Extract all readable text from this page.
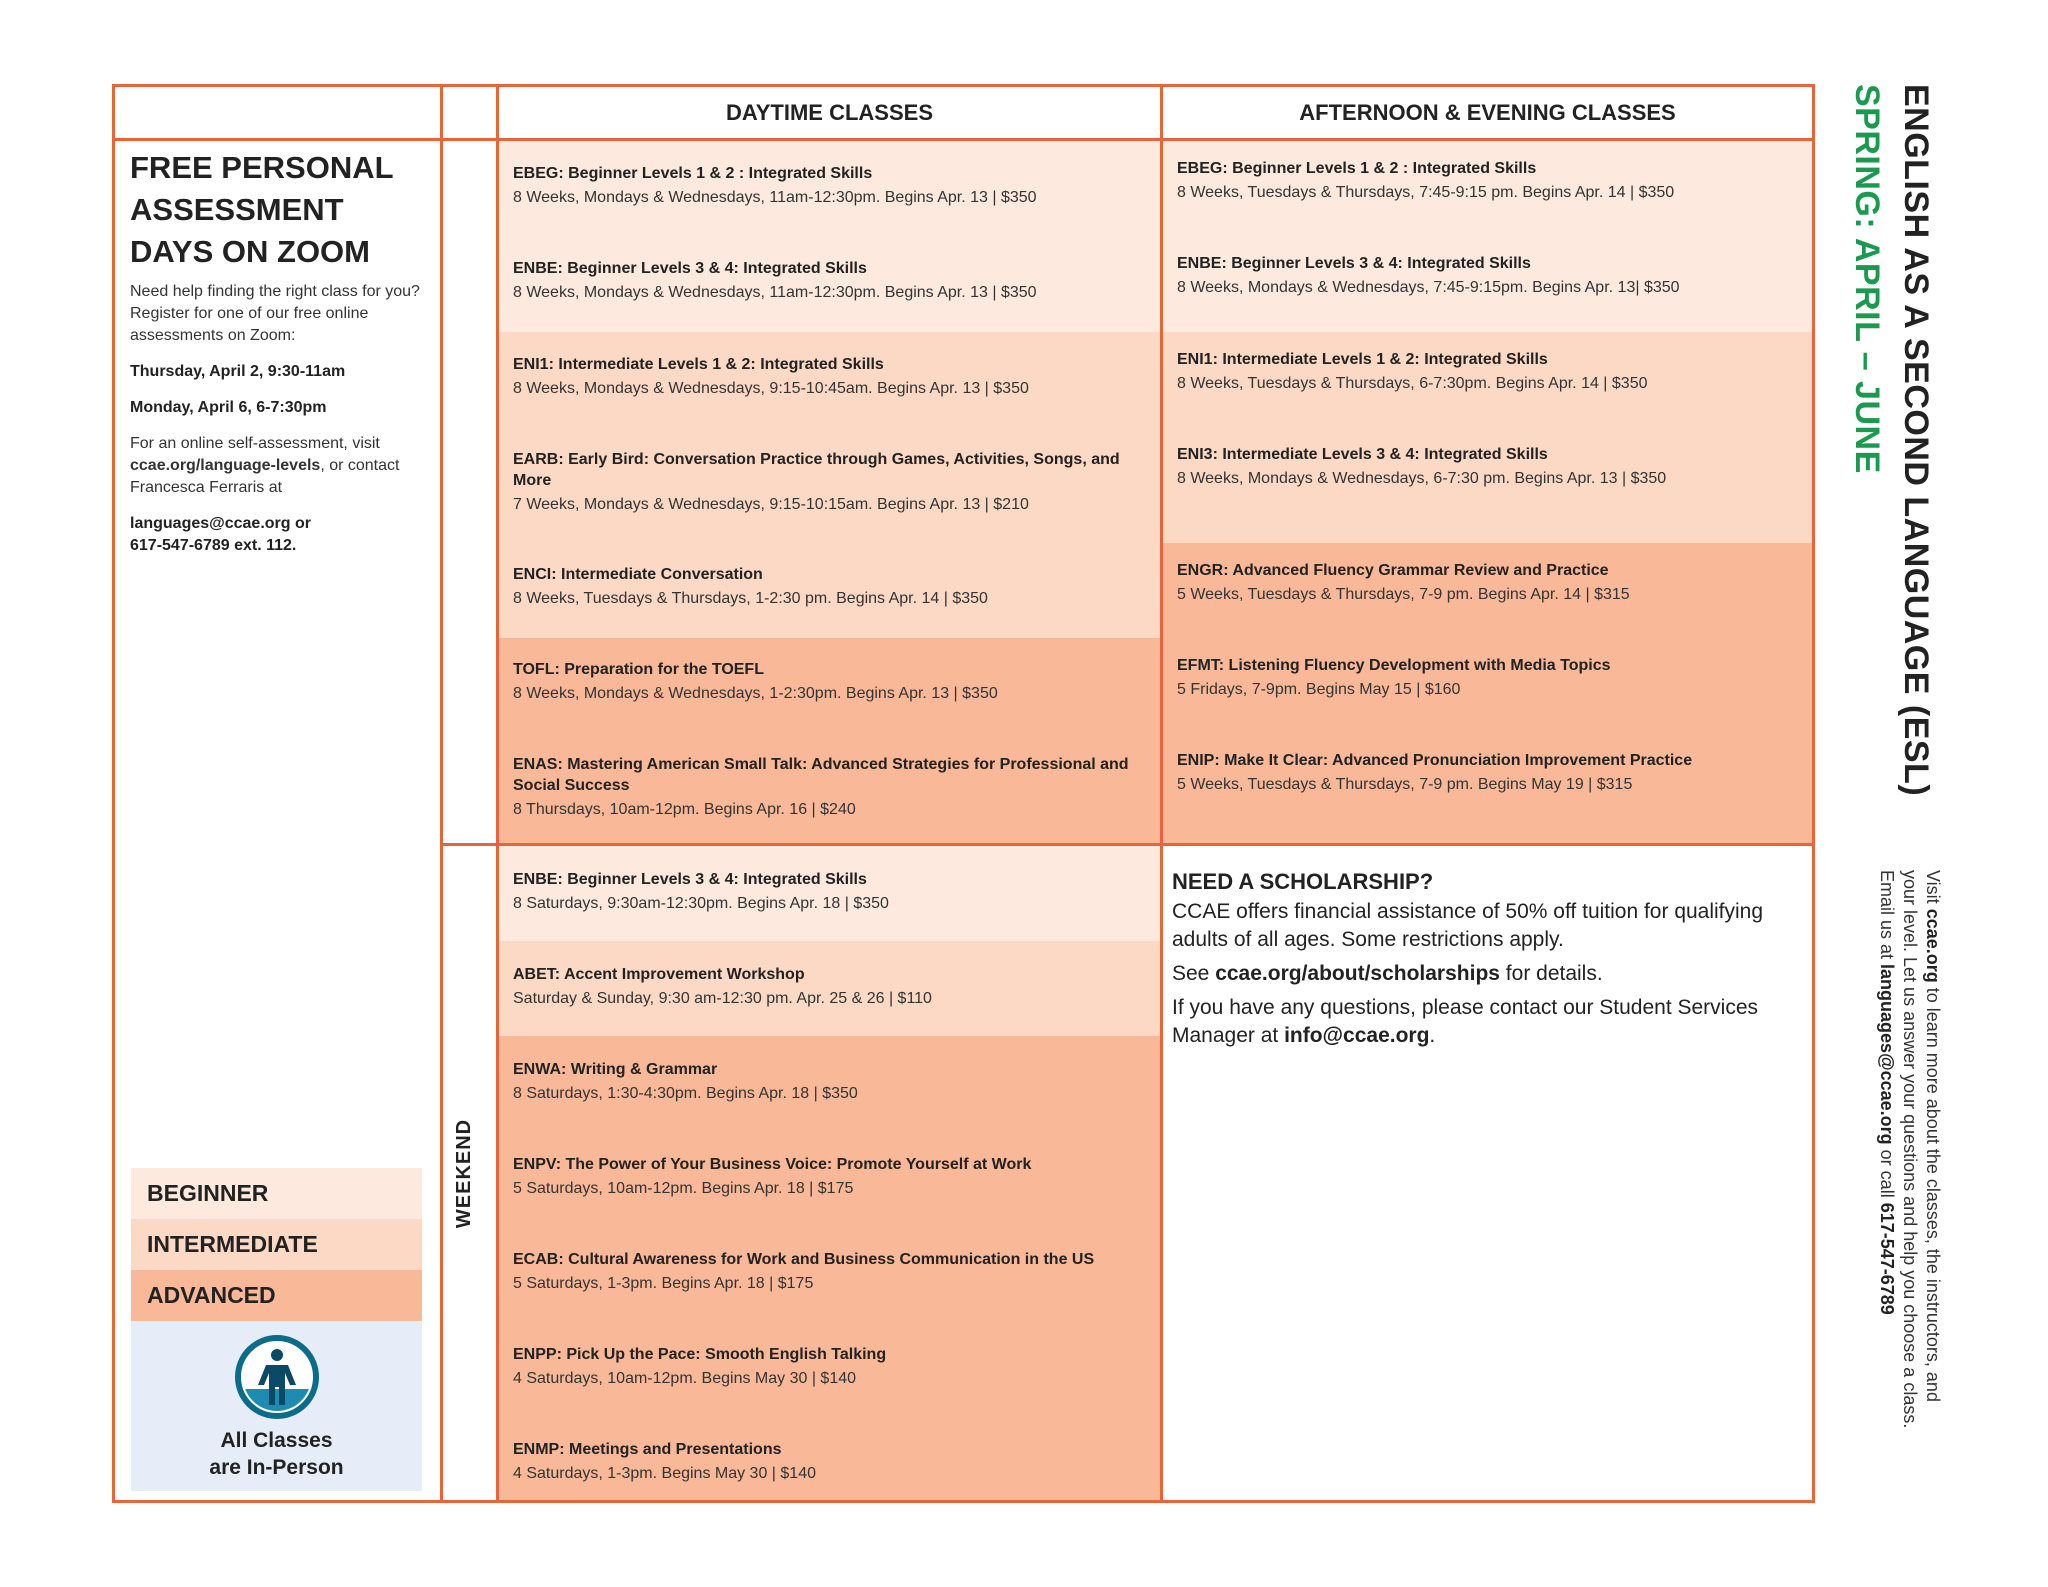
DAYTIME CLASSES	AFTERNOON & EVENING CLASSES
EBEG: Beginner Levels 1 & 2 : Integrated Skills
8 Weeks, Mondays & Wednesdays, 11am-12:30pm. Begins Apr. 13 | $350
ENBE: Beginner Levels 3 & 4: Integrated Skills
8 Weeks, Mondays & Wednesdays, 11am-12:30pm. Begins Apr. 13 | $350
ENI1: Intermediate Levels 1 & 2: Integrated Skills
8 Weeks, Mondays & Wednesdays, 9:15-10:45am. Begins Apr. 13 | $350
EARB: Early Bird: Conversation Practice through Games, Activities, Songs, and More
7 Weeks, Mondays & Wednesdays, 9:15-10:15am. Begins Apr. 13 | $210
ENCI: Intermediate Conversation
8 Weeks, Tuesdays & Thursdays, 1-2:30 pm. Begins Apr. 14 | $350
TOFL: Preparation for the TOEFL
8 Weeks, Mondays & Wednesdays, 1-2:30pm. Begins Apr. 13 | $350
ENAS: Mastering American Small Talk: Advanced Strategies for Professional and Social Success
8 Thursdays, 10am-12pm. Begins Apr. 16 | $240
EBEG: Beginner Levels 1 & 2 : Integrated Skills
8 Weeks, Tuesdays & Thursdays, 7:45-9:15 pm. Begins Apr. 14 | $350
ENBE: Beginner Levels 3 & 4: Integrated Skills
8 Weeks, Mondays & Wednesdays, 7:45-9:15pm. Begins Apr. 13| $350
ENI1: Intermediate Levels 1 & 2: Integrated Skills
8 Weeks, Tuesdays & Thursdays, 6-7:30pm. Begins Apr. 14 | $350
ENI3: Intermediate Levels 3 & 4: Integrated Skills
8 Weeks, Mondays & Wednesdays, 6-7:30 pm. Begins Apr. 13 | $350
ENGR: Advanced Fluency Grammar Review and Practice
5 Weeks, Tuesdays & Thursdays, 7-9 pm. Begins Apr. 14 | $315
EFMT: Listening Fluency Development with Media Topics
5 Fridays, 7-9pm. Begins May 15 | $160
ENIP: Make It Clear: Advanced Pronunciation Improvement Practice
5 Weeks, Tuesdays & Thursdays, 7-9 pm. Begins May 19 | $315
WEEKEND
ENBE: Beginner Levels 3 & 4: Integrated Skills
8 Saturdays, 9:30am-12:30pm. Begins Apr. 18 | $350
ABET: Accent Improvement Workshop
Saturday & Sunday, 9:30 am-12:30 pm. Apr. 25 & 26 | $110
ENWA: Writing & Grammar
8 Saturdays, 1:30-4:30pm. Begins Apr. 18 | $350
ENPV: The Power of Your Business Voice: Promote Yourself at Work
5 Saturdays, 10am-12pm. Begins Apr. 18 | $175
ECAB: Cultural Awareness for Work and Business Communication in the US
5 Saturdays, 1-3pm. Begins Apr. 18 | $175
ENPP: Pick Up the Pace: Smooth English Talking
4 Saturdays, 10am-12pm. Begins May 30 | $140
ENMP: Meetings and Presentations
4 Saturdays, 1-3pm. Begins May 30 | $140
FREE PERSONAL
ASSESSMENT
DAYS ON ZOOM

Need help finding the right class for you? Register for one of our free online assessments on Zoom:

Thursday, April 2, 9:30-11am

Monday, April 6, 6-7:30pm

For an online self-assessment, visit ccae.org/language-levels, or contact Francesca Ferraris at

languages@ccae.org or
617-547-6789 ext. 112.

BEGINNER
INTERMEDIATE
ADVANCED
All Classes
are In-Person
NEED A SCHOLARSHIP?

CCAE offers financial assistance of 50% off tuition for qualifying adults of all ages. Some restrictions apply.

See ccae.org/about/scholarships for details.

If you have any questions, please contact our Student Services Manager at info@ccae.org.

ENGLISH AS A SECOND LANGUAGE (ESL)
SPRING: APRIL – JUNE
Visit ccae.org to learn more about the classes, the instructors, and
your level. Let us answer your questions and help you choose a class.
Email us at languages@ccae.org or call 617-547-6789
